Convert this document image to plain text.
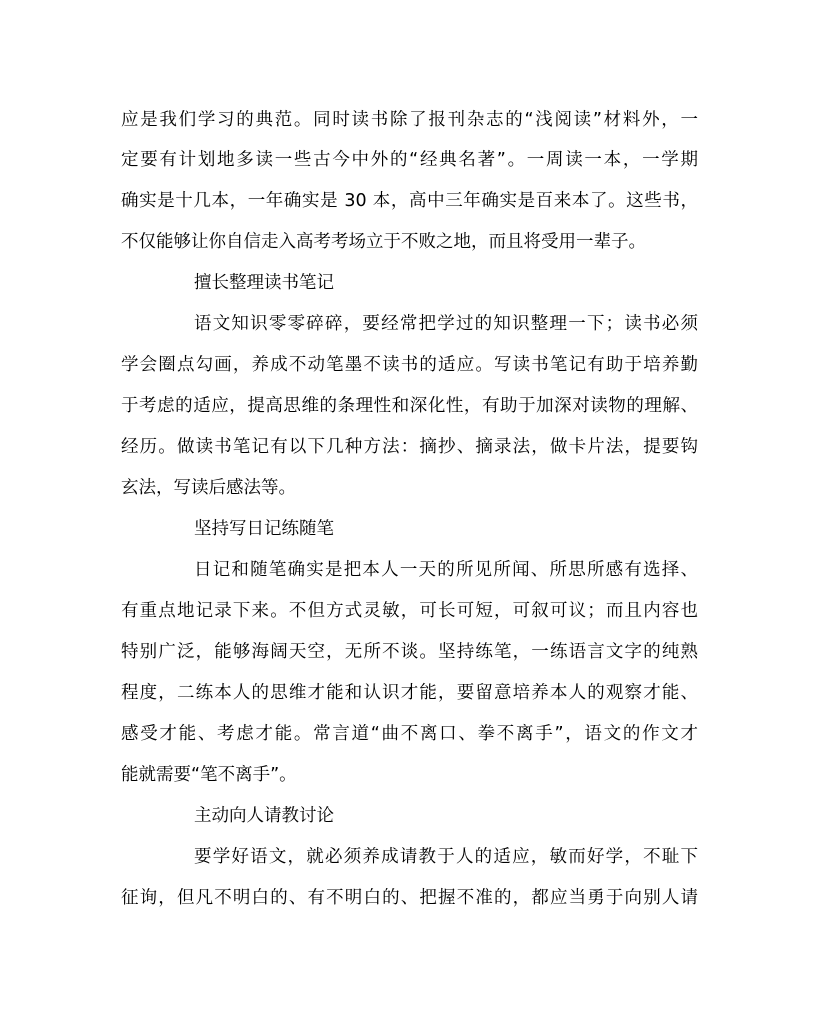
应是我们学习的典范。同时读书除了报刊杂志的“浅阅读”材料外，一
定要有计划地多读一些古今中外的“经典名著”。一周读一本，一学期
确实是十几本，一年确实是 30 本，高中三年确实是百来本了。这些书，
不仅能够让你自信走入高考考场立于不败之地，而且将受用一辈子。
擅长整理读书笔记
语文知识零零碎碎，要经常把学过的知识整理一下；读书必须
学会圈点勾画，养成不动笔墨不读书的适应。写读书笔记有助于培养勤
于考虑的适应，提高思维的条理性和深化性，有助于加深对读物的理解、
经历。做读书笔记有以下几种方法：摘抄、摘录法，做卡片法，提要钩
玄法，写读后感法等。
坚持写日记练随笔
日记和随笔确实是把本人一天的所见所闻、所思所感有选择、
有重点地记录下来。不但方式灵敏，可长可短，可叙可议；而且内容也
特别广泛，能够海阔天空，无所不谈。坚持练笔，一练语言文字的纯熟
程度，二练本人的思维才能和认识才能，要留意培养本人的观察才能、
感受才能、考虑才能。常言道“曲不离口、拳不离手”，语文的作文才
能就需要“笔不离手”。
主动向人请教讨论
要学好语文，就必须养成请教于人的适应，敏而好学，不耻下
征询，但凡不明白的、有不明白的、把握不准的，都应当勇于向别人请
